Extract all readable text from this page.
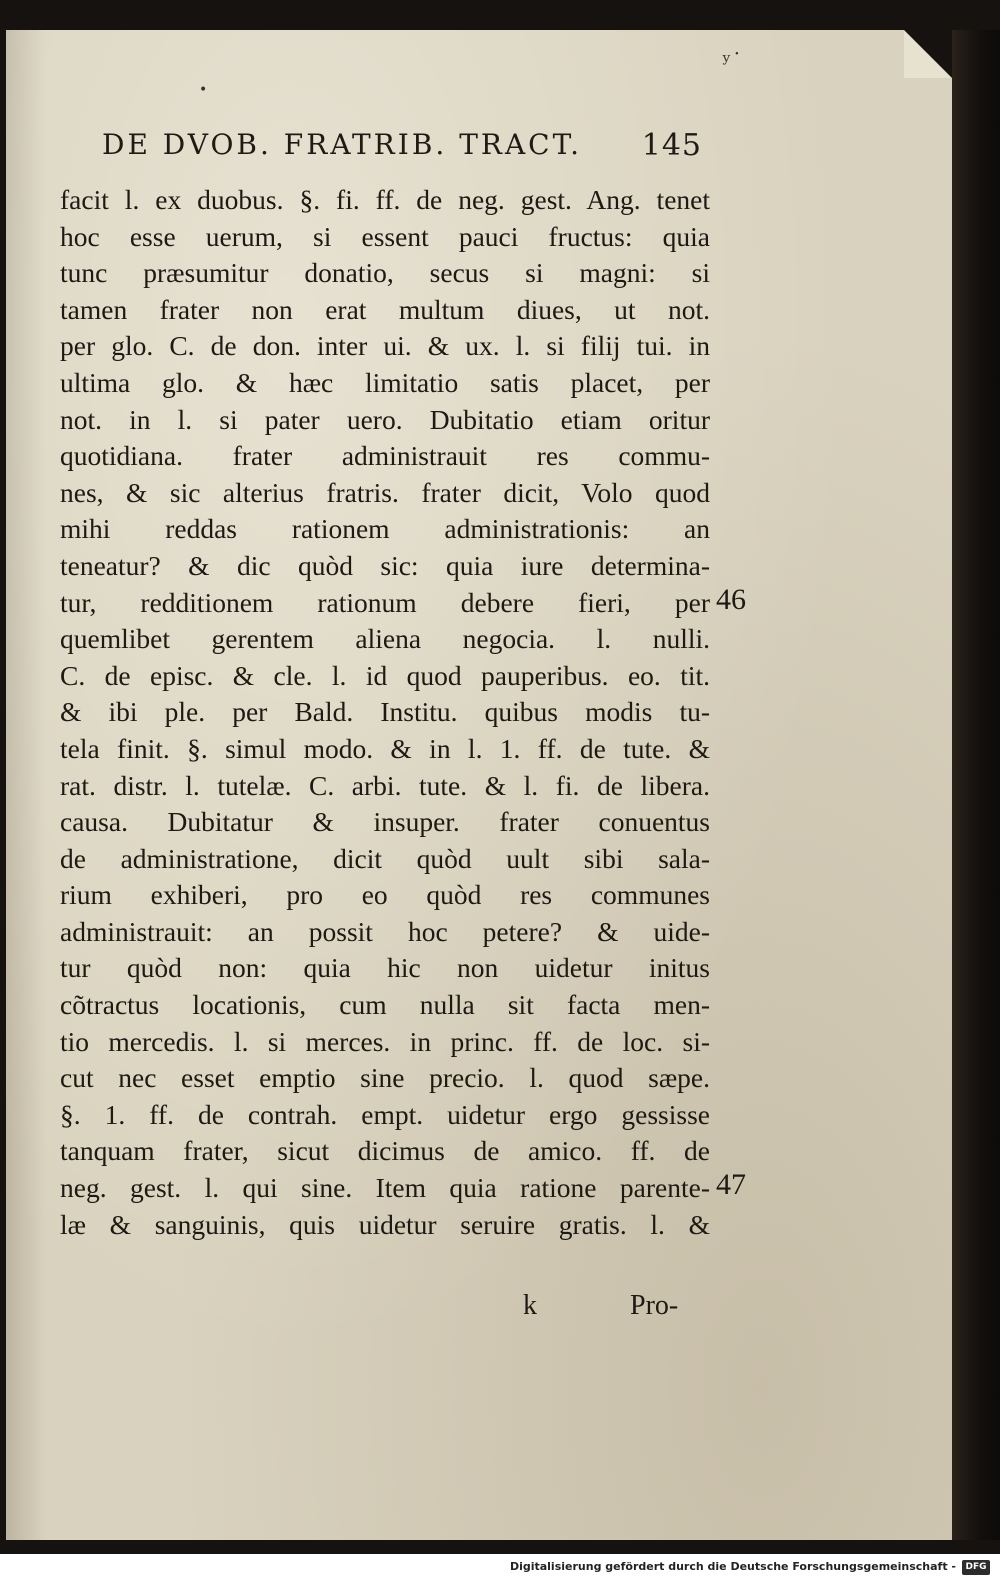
•
ʸ˙
DE DVOB. FRATRIB. TRACT. 145
facit l. ex duobus. §. fi. ff. de neg. gest. Ang. tenet
hoc esse uerum, si essent pauci fructus: quia
tunc præsumitur donatio, secus si magni: si
tamen frater non erat multum diues, ut not.
per glo. C. de don. inter ui. & ux. l. si filij tui. in
ultima glo. & hæc limitatio satis placet, per
not. in l. si pater uero. Dubitatio etiam oritur
quotidiana. frater administrauit res commu-
nes, & sic alterius fratris. frater dicit, Volo quod
mihi reddas rationem administrationis: an
teneatur? & dic quòd sic: quia iure determina-
tur, redditionem rationum debere fieri, per
quemlibet gerentem aliena negocia. l. nulli.
C. de episc. & cle. l. id quod pauperibus. eo. tit.
& ibi ple. per Bald. Institu. quibus modis tu-
tela finit. §. simul modo. & in l. 1. ff. de tute. &
rat. distr. l. tutelæ. C. arbi. tute. & l. fi. de libera.
causa. Dubitatur & insuper. frater conuentus
de administratione, dicit quòd uult sibi sala-
rium exhiberi, pro eo quòd res communes
administrauit: an possit hoc petere? & uide-
tur quòd non: quia hic non uidetur initus
cõtractus locationis, cum nulla sit facta men-
tio mercedis. l. si merces. in princ. ff. de loc. si-
cut nec esset emptio sine precio. l. quod sæpe.
§. 1. ff. de contrah. empt. uidetur ergo gessisse
tanquam frater, sicut dicimus de amico. ff. de
neg. gest. l. qui sine. Item quia ratione parente-
læ & sanguinis, quis uidetur seruire gratis. l. &
46
47
k	Pro-
Digitalisierung gefördert durch die Deutsche Forschungsgemeinschaft -	DFG
